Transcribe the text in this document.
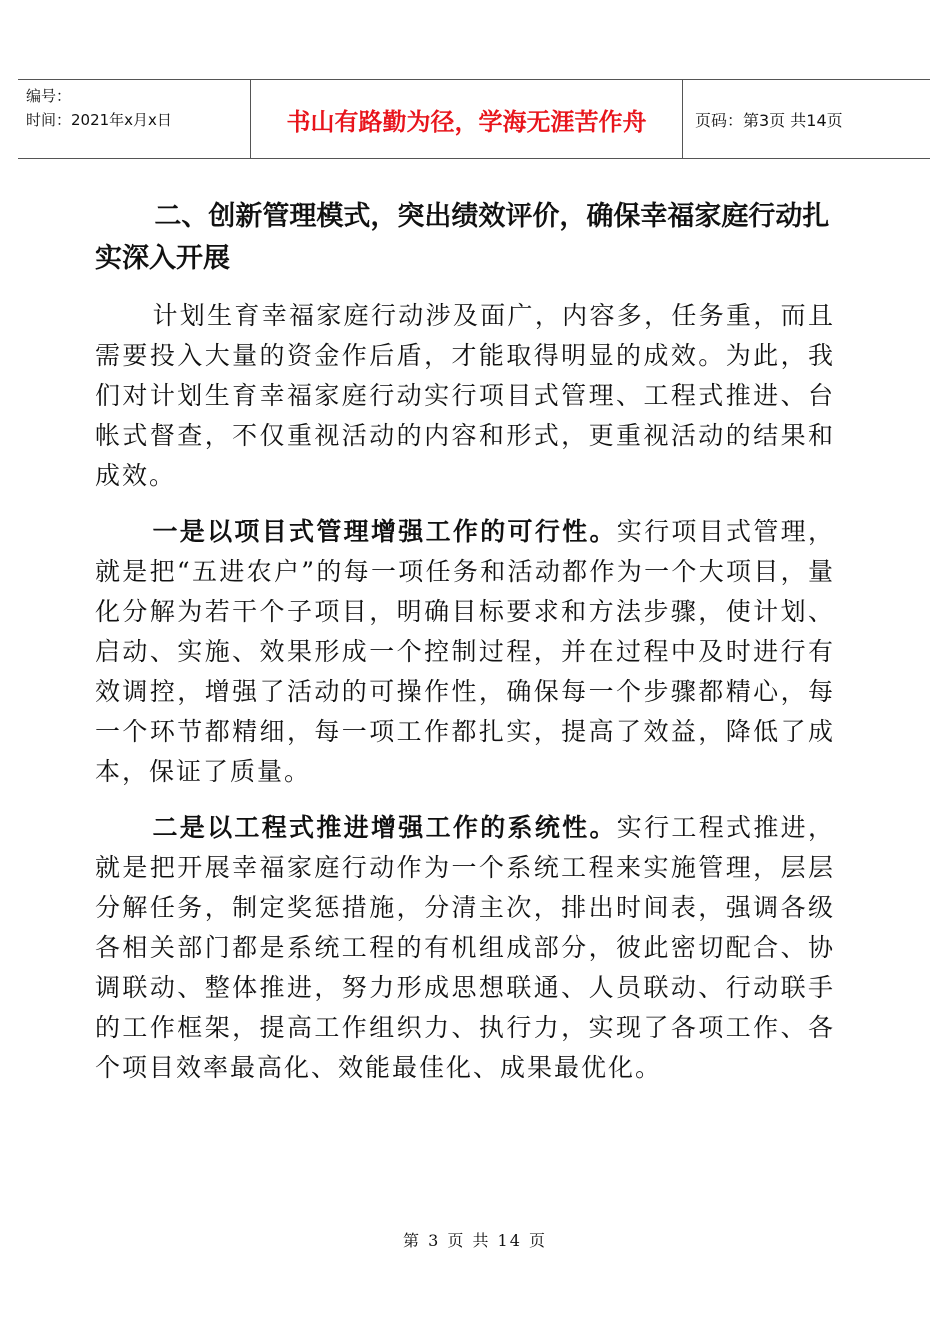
编号：
时间：2021年x月x日	书山有路勤为径，学海无涯苦作舟	页码：第3页 共14页

二、创新管理模式，突出绩效评价，确保幸福家庭行动扎实深入开展

计划生育幸福家庭行动涉及面广，内容多，任务重，而且需要投入大量的资金作后盾，才能取得明显的成效。为此，我们对计划生育幸福家庭行动实行项目式管理、工程式推进、台帐式督查，不仅重视活动的内容和形式，更重视活动的结果和成效。

一是以项目式管理增强工作的可行性。实行项目式管理，就是把“五进农户”的每一项任务和活动都作为一个大项目，量化分解为若干个子项目，明确目标要求和方法步骤，使计划、启动、实施、效果形成一个控制过程，并在过程中及时进行有效调控，增强了活动的可操作性，确保每一个步骤都精心，每一个环节都精细，每一项工作都扎实，提高了效益，降低了成本，保证了质量。

二是以工程式推进增强工作的系统性。实行工程式推进，就是把开展幸福家庭行动作为一个系统工程来实施管理，层层分解任务，制定奖惩措施，分清主次，排出时间表，强调各级各相关部门都是系统工程的有机组成部分，彼此密切配合、协调联动、整体推进，努力形成思想联通、人员联动、行动联手的工作框架，提高工作组织力、执行力，实现了各项工作、各个项目效率最高化、效能最佳化、成果最优化。

第 3 页 共 14 页
